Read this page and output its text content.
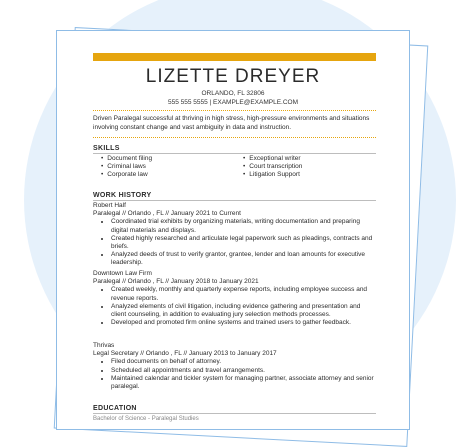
LIZETTE DREYER
ORLANDO, FL 32806
555 555 5555 | EXAMPLE@EXAMPLE.COM
Driven Paralegal successful at thriving in high stress, high-pressure environments and situations involving constant change and vast ambiguity in data and instruction.
SKILLS
• Document filing
• Criminal laws
• Corporate law
• Exceptional writer
• Court transcription
• Litigation Support
WORK HISTORY

Robert Half

Paralegal // Orlando , FL // January 2021 to Current

• Coordinated trial exhibits by organizing materials, writing documentation and preparing digital materials and displays.
• Created highly researched and articulate legal paperwork such as pleadings, contracts and briefs.
• Analyzed deeds of trust to verify grantor, grantee, lender and loan amounts for executive leadership.

Downtown Law Firm

Paralegal // Orlando , FL // January 2018 to January 2021

• Created weekly, monthly and quarterly expense reports, including employee success and revenue reports.
• Analyzed elements of civil litigation, including evidence gathering and presentation and client counseling, in addition to evaluating jury selection methods processes.
• Developed and promoted firm online systems and trained users to gather feedback.

Thrivas

Legal Secretary // Orlando , FL // January 2013 to January 2017

• Filed documents on behalf of attorney.
• Scheduled all appointments and travel arrangements.
• Maintained calendar and tickler system for managing partner, associate attorney and senior paralegal.
EDUCATION
Bachelor of Science - Paralegal Studies
